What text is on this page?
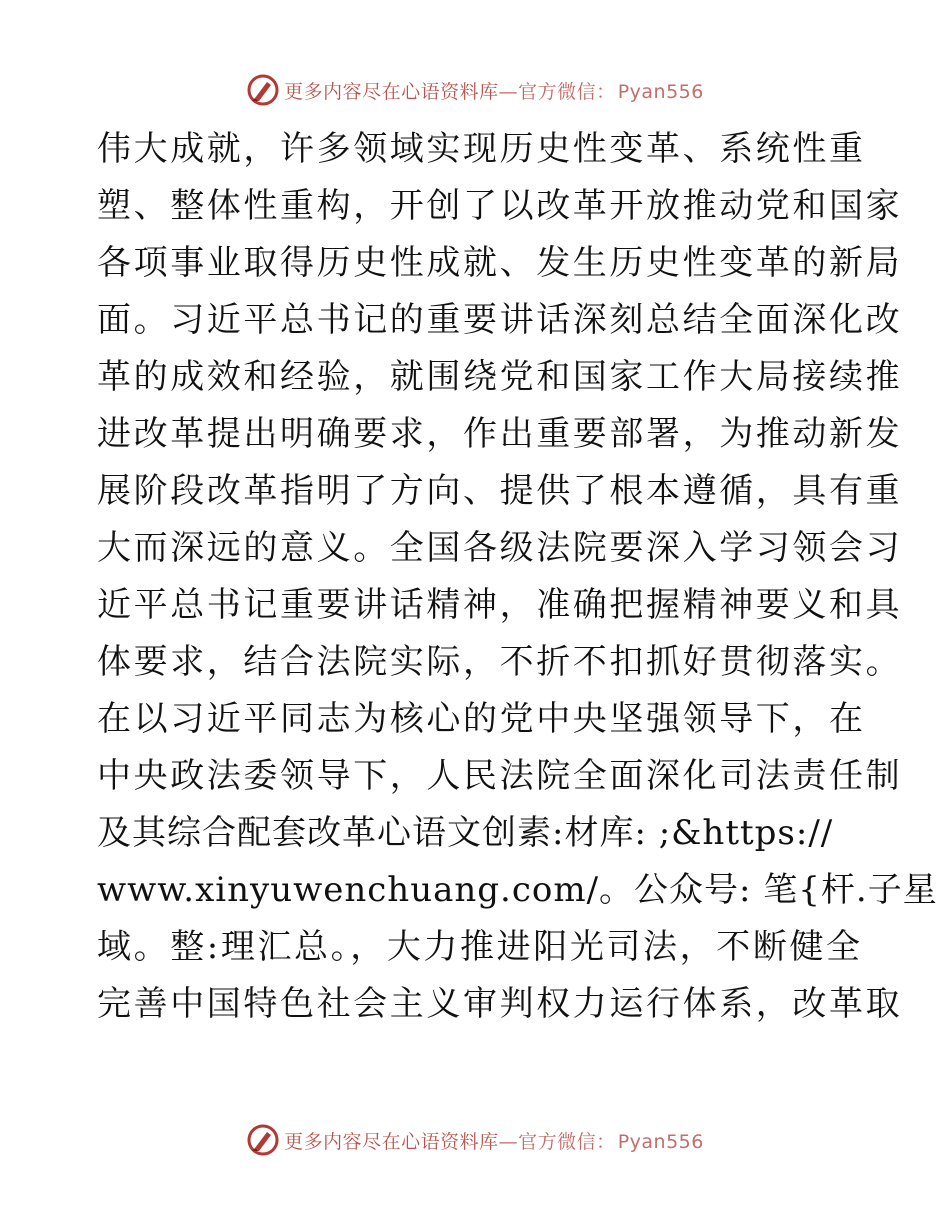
更多内容尽在心语资料库 — 官方微信： Pyan556
伟大成就，许多领域实现历史性变革、系统性重
塑、整体性重构，开创了以改革开放推动党和国家
各项事业取得历史性成就、发生历史性变革的新局
面。习近平总书记的重要讲话深刻总结全面深化改
革的成效和经验，就围绕党和国家工作大局接续推
进改革提出明确要求，作出重要部署，为推动新发
展阶段改革指明了方向、提供了根本遵循，具有重
大而深远的意义。全国各级法院要深入学习领会习
近平总书记重要讲话精神，准确把握精神要义和具
体要求，结合法院实际，不折不扣抓好贯彻落实。
在以习近平同志为核心的党中央坚强领导下，在
中央政法委领导下，人民法院全面深化司法责任制
及其综合配套改革心语文创素:材库: ;&https://
www.xinyuwenchuang.com/。公众号: 笔{杆.子星
域。整:理汇总。，大力推进阳光司法，不断健全
完善中国特色社会主义审判权力运行体系，改革取
更多内容尽在心语资料库 — 官方微信： Pyan556
